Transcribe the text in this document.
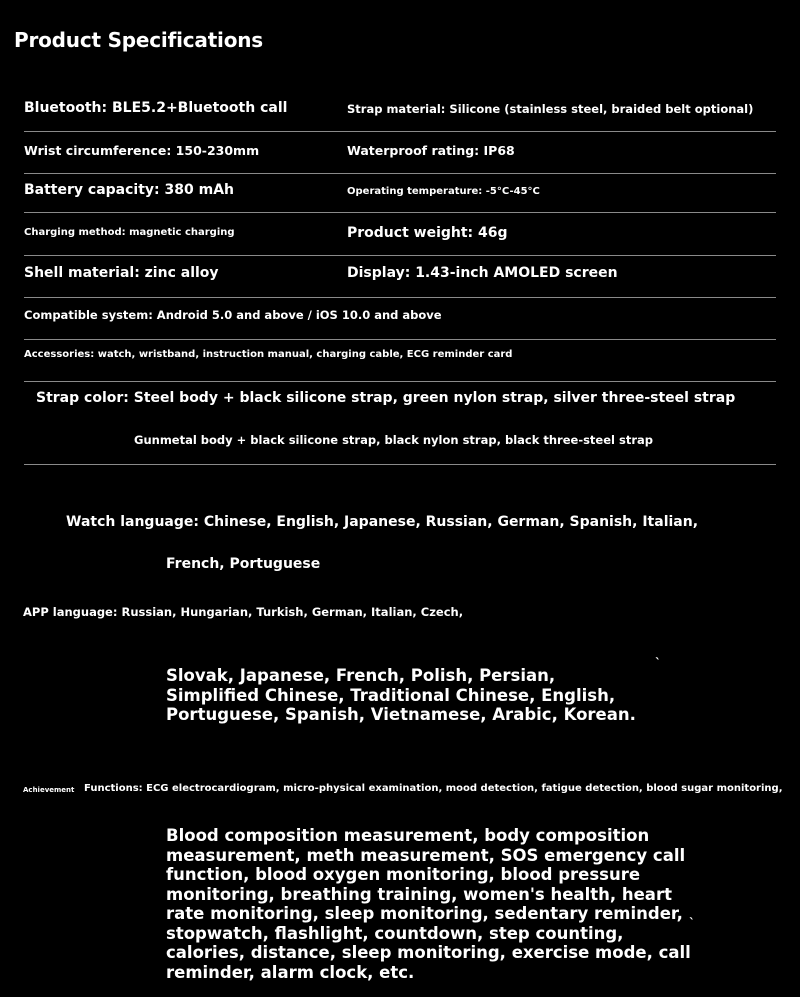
Product Specifications
Bluetooth: BLE5.2+Bluetooth call	Strap material: Silicone (stainless steel, braided belt optional)
Wrist circumference: 150-230mm	Waterproof rating: IP68
Battery capacity: 380 mAh	Operating temperature: -5°C-45°C
Charging method: magnetic charging	Product weight: 46g
Shell material: zinc alloy	Display: 1.43-inch AMOLED screen
Compatible system: Android 5.0 and above / iOS 10.0 and above
Accessories: watch, wristband, instruction manual, charging cable, ECG reminder card
Strap color: Steel body + black silicone strap, green nylon strap, silver three-steel strap
Gunmetal body + black silicone strap, black nylon strap, black three-steel strap
Watch language: Chinese, English, Japanese, Russian, German, Spanish, Italian,
French, Portuguese
APP language: Russian, Hungarian, Turkish, German, Italian, Czech,
Slovak, Japanese, French, Polish, Persian, Simplified Chinese, Traditional Chinese, English, Portuguese, Spanish, Vietnamese, Arabic, Korean.
`
Achievement Functions: ECG electrocardiogram, micro-physical examination, mood detection, fatigue detection, blood sugar monitoring,
Blood composition measurement, body composition measurement, meth measurement, SOS emergency call function, blood oxygen monitoring, blood pressure monitoring, breathing training, women's health, heart rate monitoring, sleep monitoring, sedentary reminder, stopwatch, flashlight, countdown, step counting, calories, distance, sleep monitoring, exercise mode, call reminder, alarm clock, etc.
`
